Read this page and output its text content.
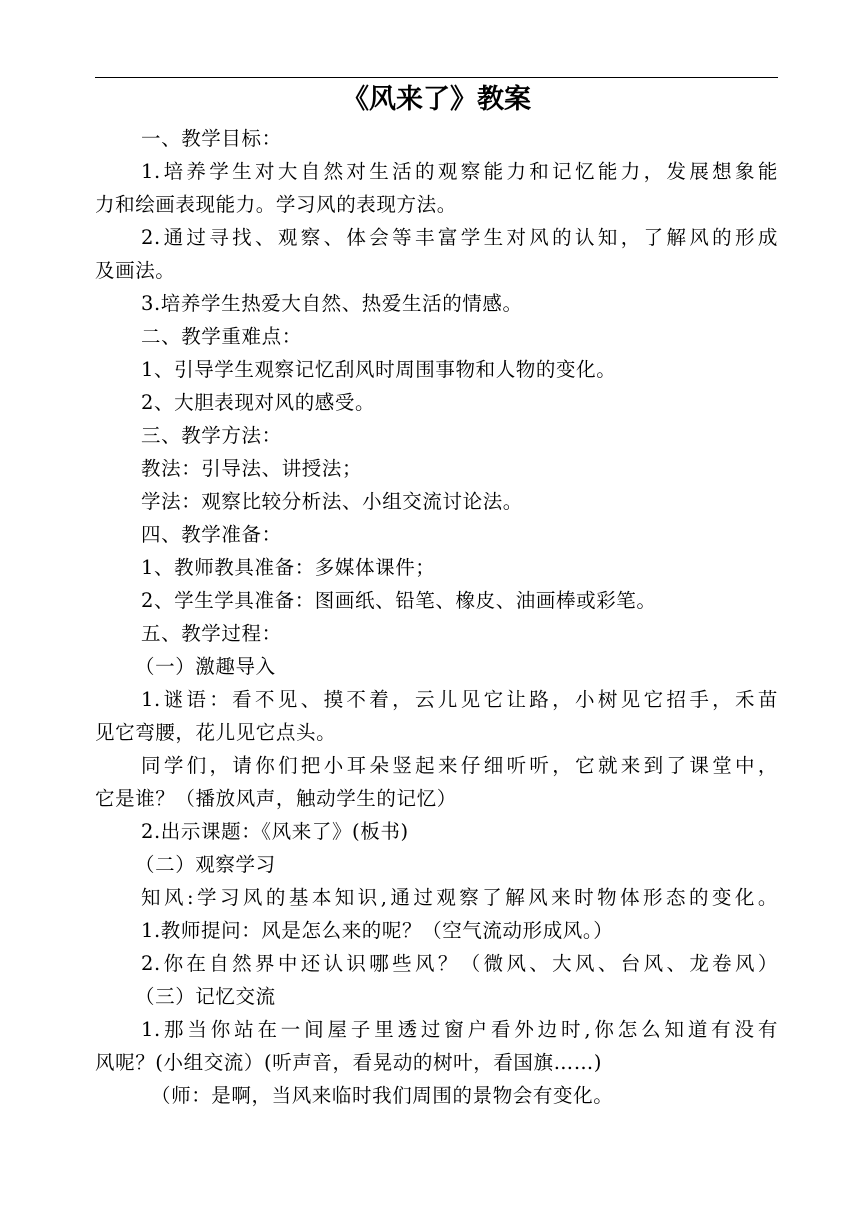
《风来了》教案
一、教学目标：
1.培养学生对大自然对生活的观察能力和记忆能力，发展想象能
力和绘画表现能力。学习风的表现方法。
2.通过寻找、观察、体会等丰富学生对风的认知，了解风的形成
及画法。
3.培养学生热爱大自然、热爱生活的情感。
二、教学重难点：
1、引导学生观察记忆刮风时周围事物和人物的变化。
2、大胆表现对风的感受。
三、教学方法：
教法：引导法、讲授法；
学法：观察比较分析法、小组交流讨论法。
四、教学准备：
1、教师教具准备：多媒体课件；
2、学生学具准备：图画纸、铅笔、橡皮、油画棒或彩笔。
五、教学过程：
（一）激趣导入
1.谜语：看不见、摸不着，云儿见它让路，小树见它招手，禾苗
见它弯腰，花儿见它点头。
同学们，请你们把小耳朵竖起来仔细听听，它就来到了课堂中，
它是谁？（播放风声，触动学生的记忆）
2.出示课题：《风来了》(板书)
（二）观察学习
知风:学习风的基本知识,通过观察了解风来时物体形态的变化。
1.教师提问：风是怎么来的呢？（空气流动形成风。）
2.你在自然界中还认识哪些风？（微风、大风、台风、龙卷风）
（三）记忆交流
1.那当你站在一间屋子里透过窗户看外边时,你怎么知道有没有
风呢？(小组交流）(听声音，看晃动的树叶，看国旗……)
（师：是啊，当风来临时我们周围的景物会有变化。
